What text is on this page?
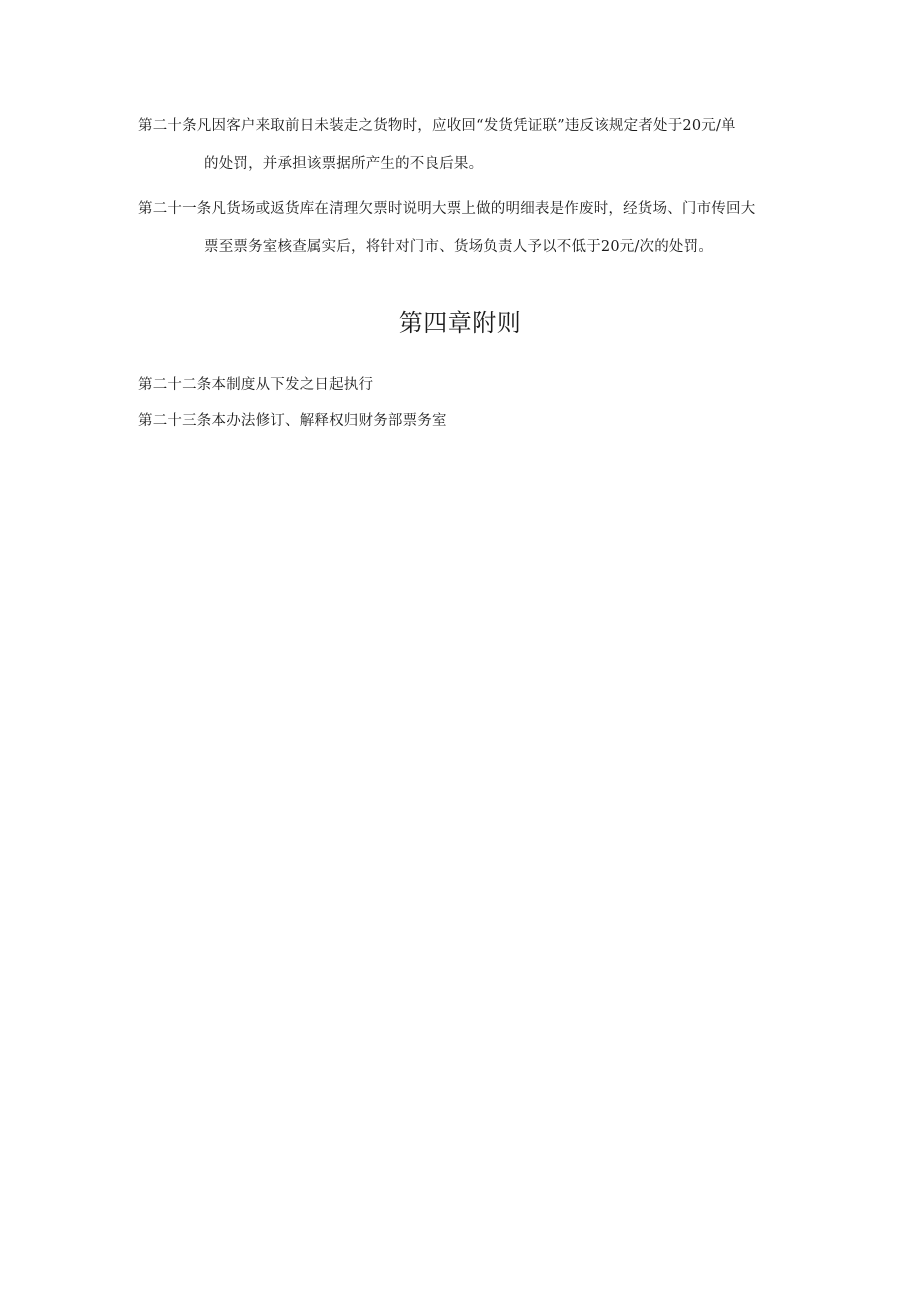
第二十条凡因客户来取前日未装走之货物时，应收回“发货凭证联”违反该规定者处于20元/单
的处罚，并承担该票据所产生的不良后果。
第二十一条凡货场或返货库在清理欠票时说明大票上做的明细表是作废时，经货场、门市传回大
票至票务室核查属实后，将针对门市、货场负责人予以不低于20元/次的处罚。
第四章附则
第二十二条本制度从下发之日起执行
第二十三条本办法修订、解释权归财务部票务室
